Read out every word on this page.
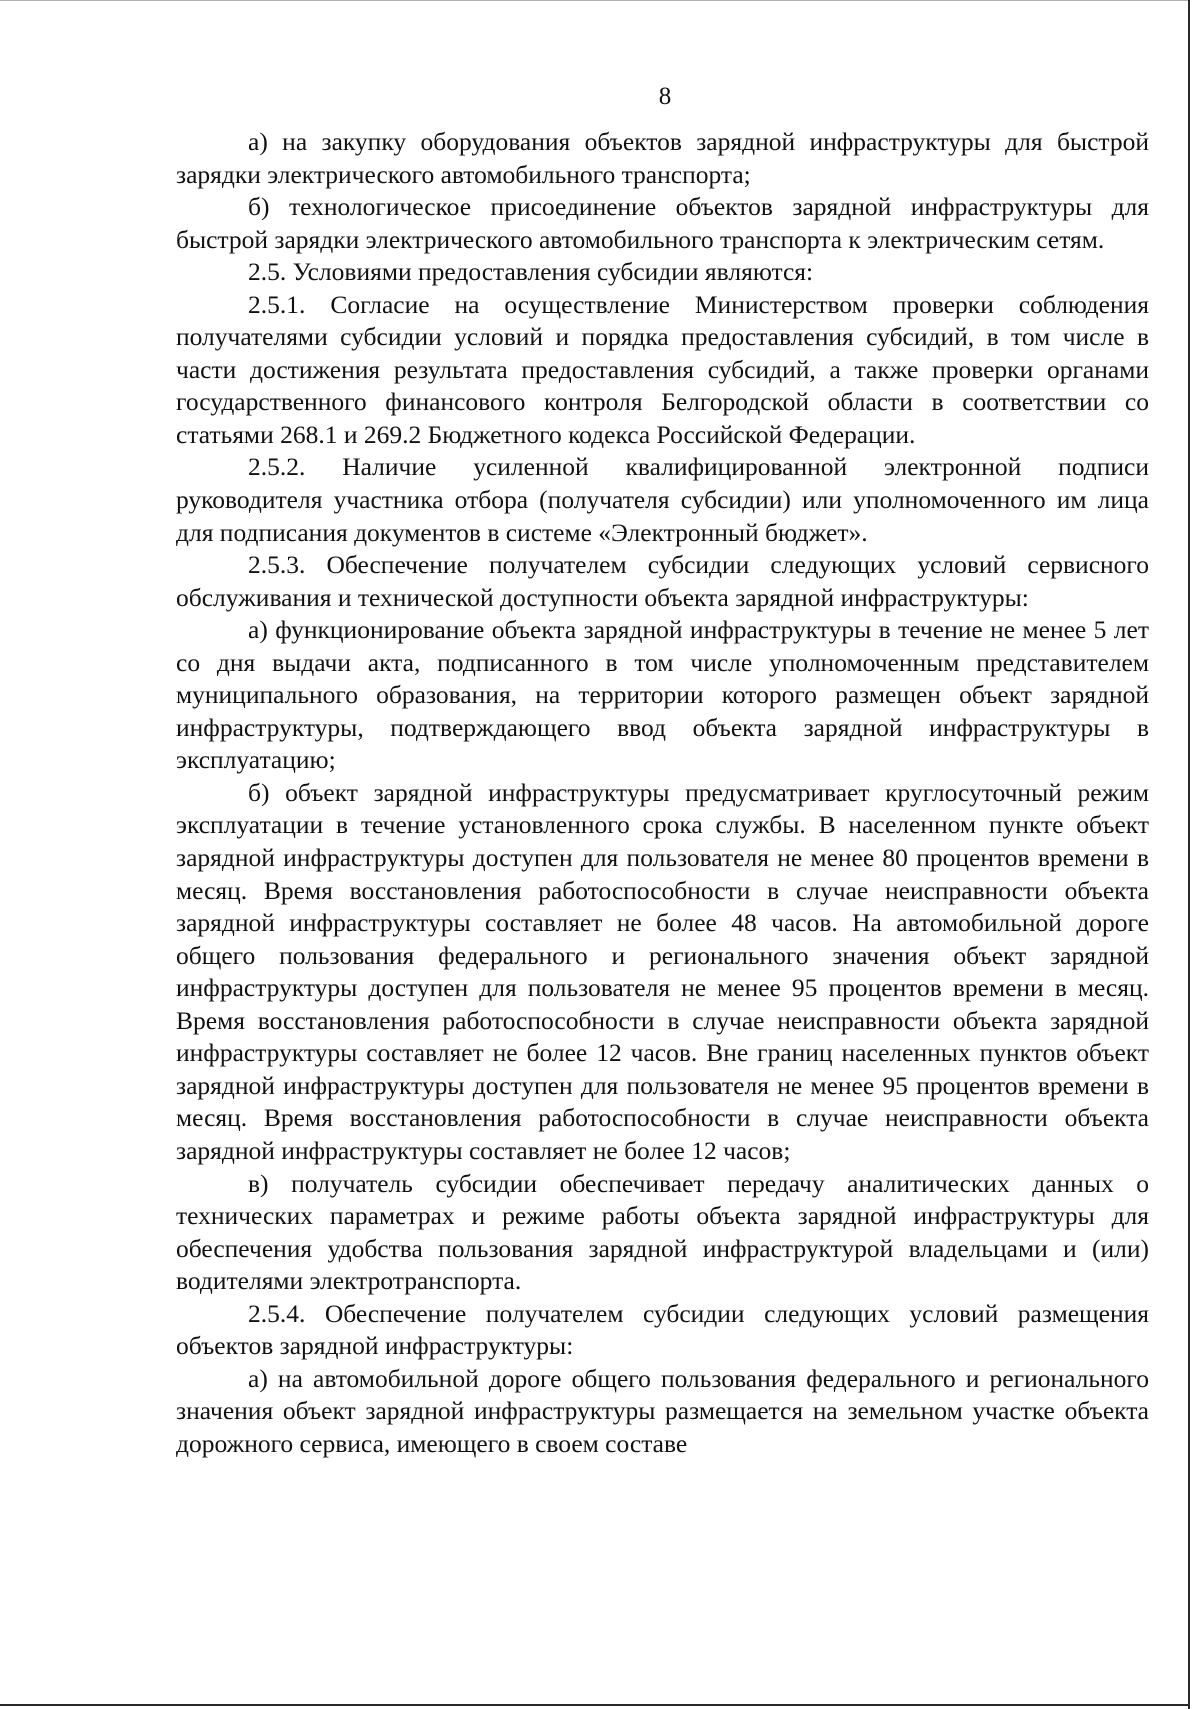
8

а) на закупку оборудования объектов зарядной инфраструктуры для быстрой зарядки электрического автомобильного транспорта;

б) технологическое присоединение объектов зарядной инфраструктуры для быстрой зарядки электрического автомобильного транспорта к электрическим сетям.

2.5. Условиями предоставления субсидии являются:

2.5.1. Согласие на осуществление Министерством проверки соблюдения получателями субсидии условий и порядка предоставления субсидий, в том числе в части достижения результата предоставления субсидий, а также проверки органами государственного финансового контроля Белгородской области в соответствии со статьями 268.1 и 269.2 Бюджетного кодекса Российской Федерации.

2.5.2. Наличие усиленной квалифицированной электронной подписи руководителя участника отбора (получателя субсидии) или уполномоченного им лица для подписания документов в системе «Электронный бюджет».

2.5.3. Обеспечение получателем субсидии следующих условий сервисного обслуживания и технической доступности объекта зарядной инфраструктуры:

а) функционирование объекта зарядной инфраструктуры в течение не менее 5 лет со дня выдачи акта, подписанного в том числе уполномоченным представителем муниципального образования, на территории которого размещен объект зарядной инфраструктуры, подтверждающего ввод объекта зарядной инфраструктуры в эксплуатацию;

б) объект зарядной инфраструктуры предусматривает круглосуточный режим эксплуатации в течение установленного срока службы. В населенном пункте объект зарядной инфраструктуры доступен для пользователя не менее 80 процентов времени в месяц. Время восстановления работоспособности в случае неисправности объекта зарядной инфраструктуры составляет не более 48 часов. На автомобильной дороге общего пользования федерального и регионального значения объект зарядной инфраструктуры доступен для пользователя не менее 95 процентов времени в месяц. Время восстановления работоспособности в случае неисправности объекта зарядной инфраструктуры составляет не более 12 часов. Вне границ населенных пунктов объект зарядной инфраструктуры доступен для пользователя не менее 95 процентов времени в месяц. Время восстановления работоспособности в случае неисправности объекта зарядной инфраструктуры составляет не более 12 часов;

в) получатель субсидии обеспечивает передачу аналитических данных о технических параметрах и режиме работы объекта зарядной инфраструктуры для обеспечения удобства пользования зарядной инфраструктурой владельцами и (или) водителями электротранспорта.

2.5.4. Обеспечение получателем субсидии следующих условий размещения объектов зарядной инфраструктуры:

а) на автомобильной дороге общего пользования федерального и регионального значения объект зарядной инфраструктуры размещается на земельном участке объекта дорожного сервиса, имеющего в своем составе
